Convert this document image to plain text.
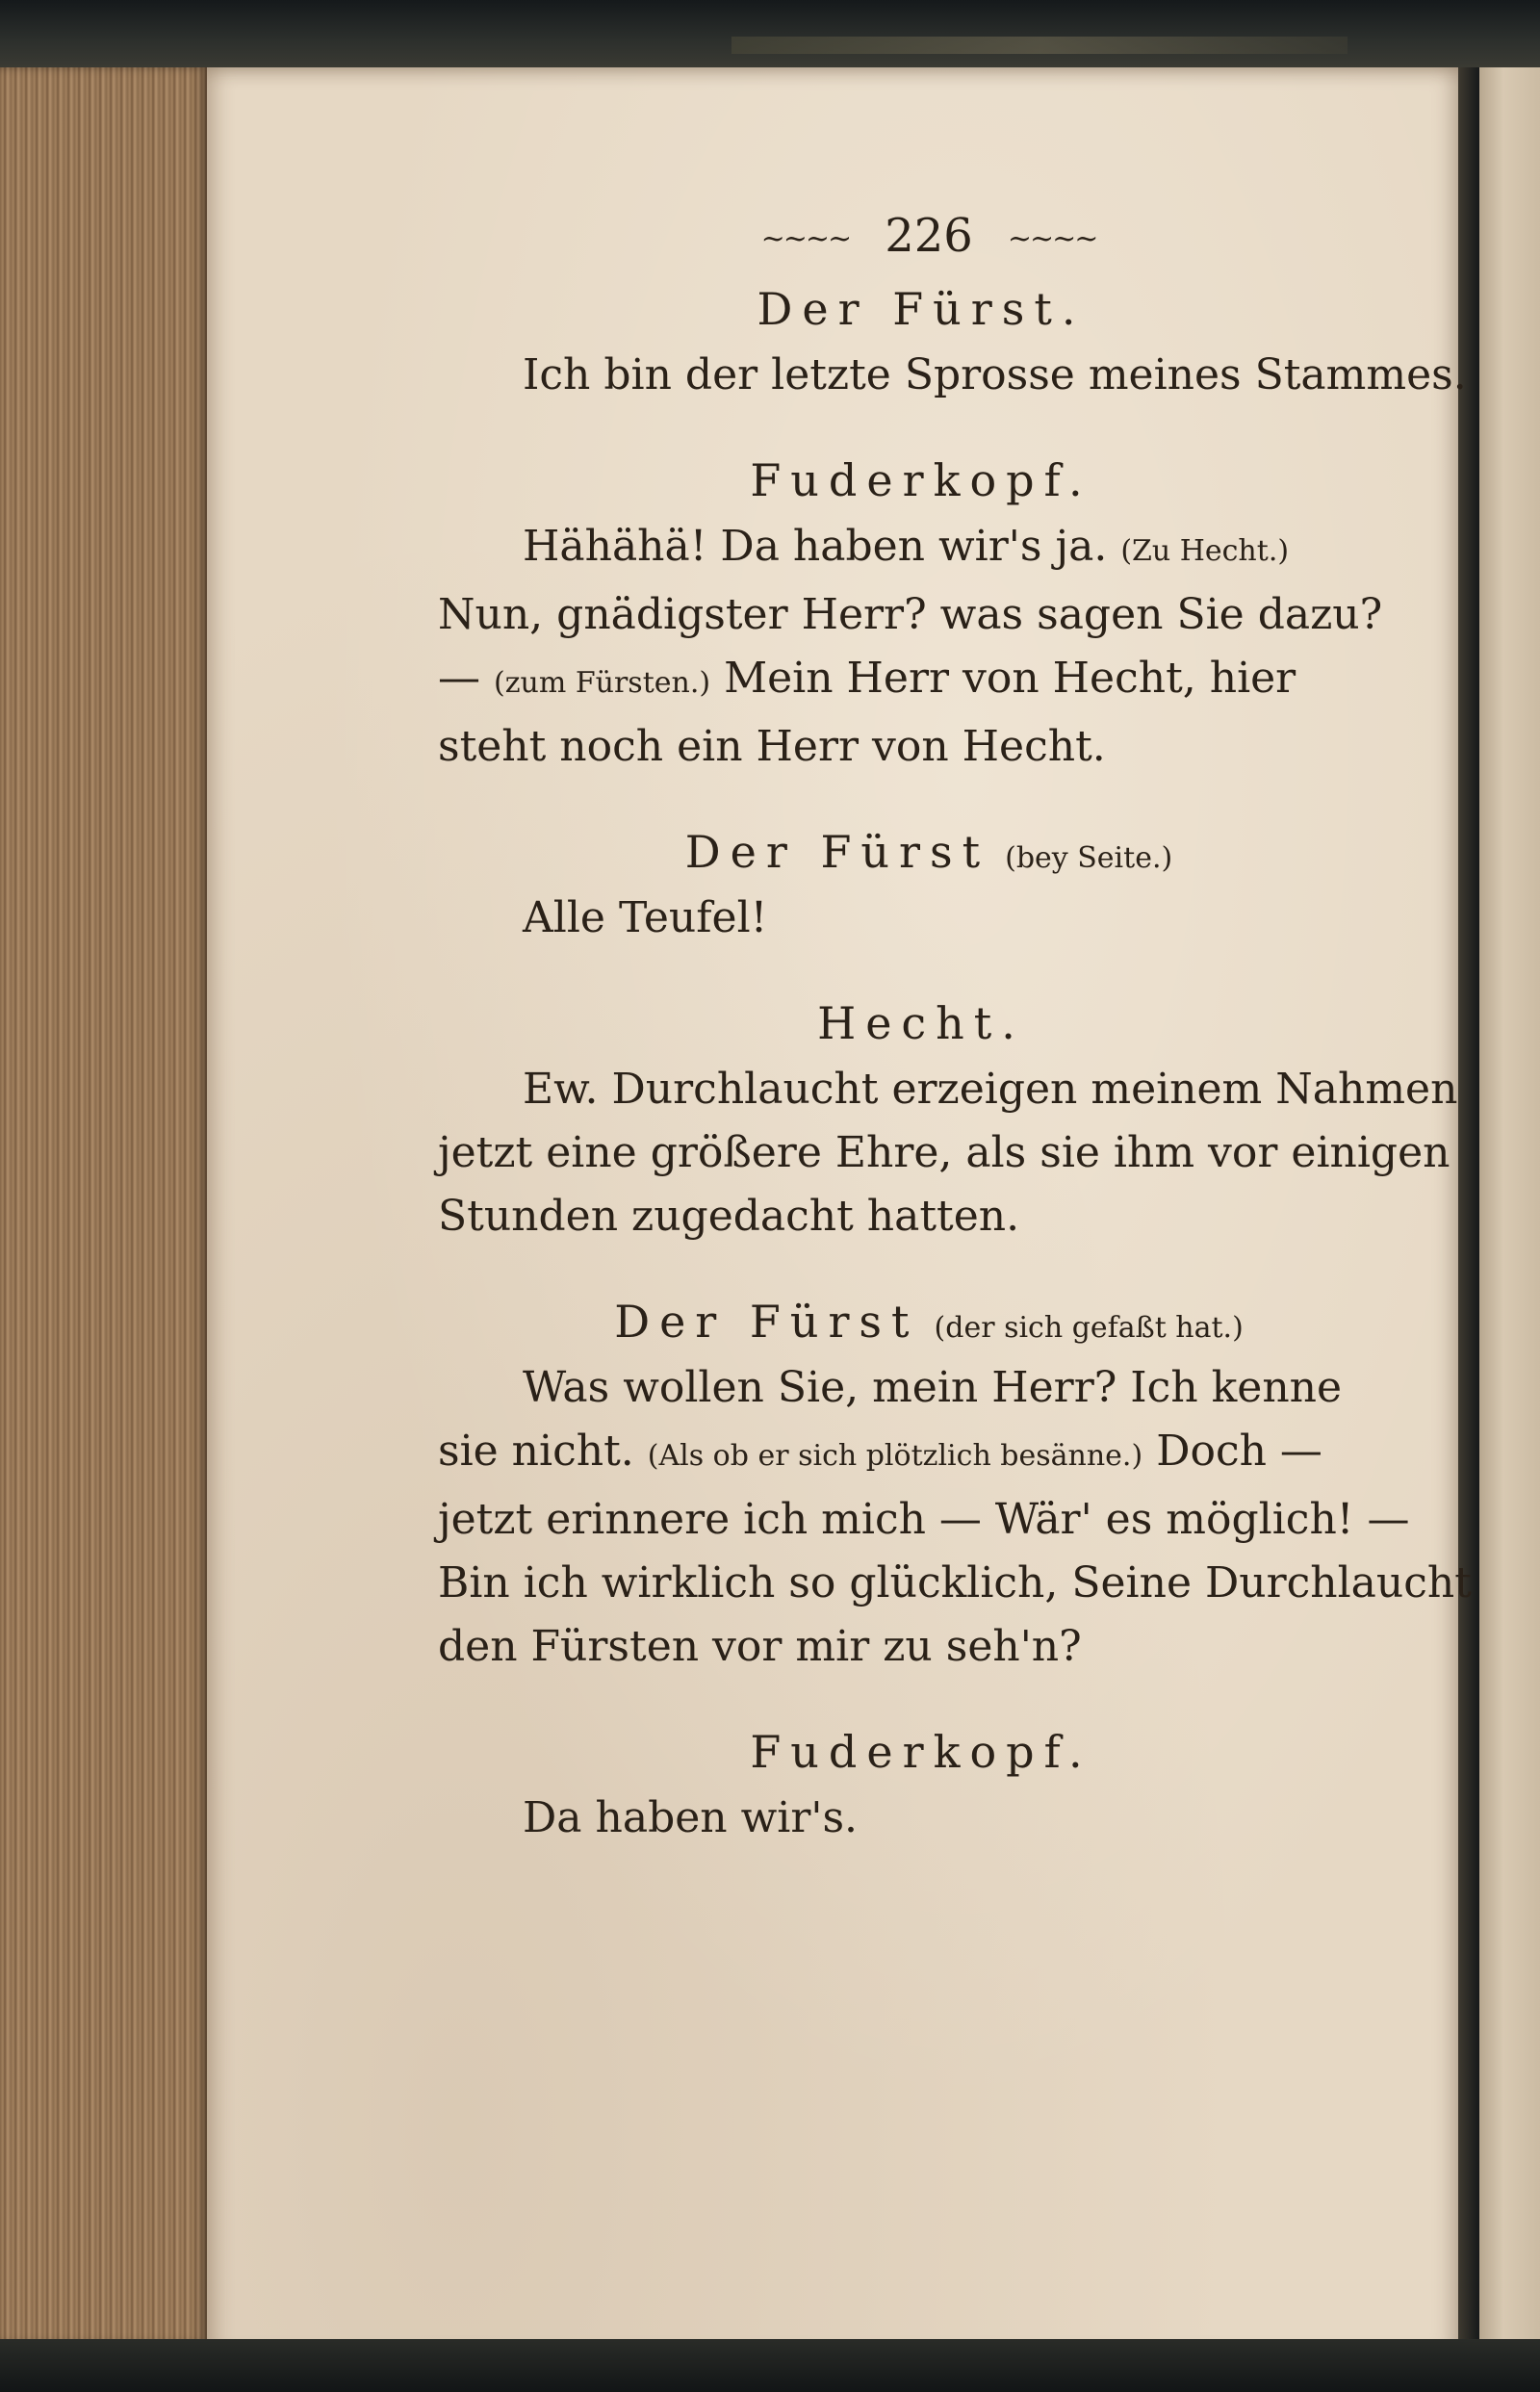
~~~~ 226 ~~~~
Der Fürst.
Ich bin der letzte Sprosse meines Stammes.
Fuderkopf.
Hähähä! Da haben wir's ja. (Zu Hecht.)
Nun, gnädigster Herr? was sagen Sie dazu?
— (zum Fürsten.) Mein Herr von Hecht, hier
steht noch ein Herr von Hecht.
Der Fürst (bey Seite.)
Alle Teufel!
Hecht.
Ew. Durchlaucht erzeigen meinem Nahmen
jetzt eine größere Ehre, als sie ihm vor einigen
Stunden zugedacht hatten.
Der Fürst (der sich gefaßt hat.)
Was wollen Sie, mein Herr? Ich kenne
sie nicht. (Als ob er sich plötzlich besänne.) Doch —
jetzt erinnere ich mich — Wär' es möglich! —
Bin ich wirklich so glücklich, Seine Durchlaucht
den Fürsten vor mir zu seh'n?
Fuderkopf.
Da haben wir's.
